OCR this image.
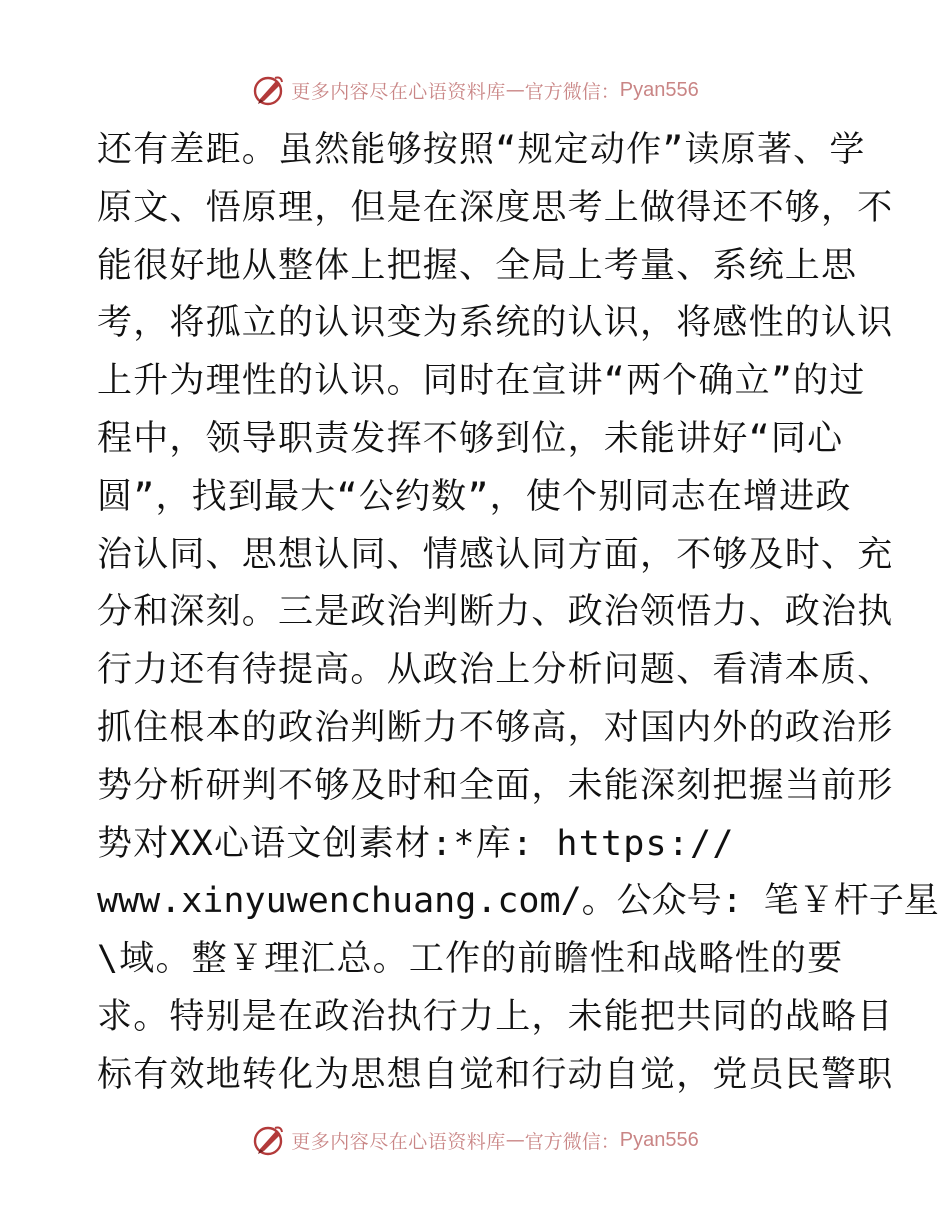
更多内容尽在心语资料库 — 官方微信： Pyan556
还有差距。虽然能够按照“规定动作”读原著、学
原文、悟原理，但是在深度思考上做得还不够，不
能很好地从整体上把握、全局上考量、系统上思
考，将孤立的认识变为系统的认识，将感性的认识
上升为理性的认识。同时在宣讲“两个确立”的过
程中，领导职责发挥不够到位，未能讲好“同心
圆”，找到最大“公约数”，使个别同志在增进政
治认同、思想认同、情感认同方面，不够及时、充
分和深刻。三是政治判断力、政治领悟力、政治执
行力还有待提高。从政治上分析问题、看清本质、
抓住根本的政治判断力不够高，对国内外的政治形
势分析研判不够及时和全面，未能深刻把握当前形
势对XX心语文创素材:*库: https://
www.xinyuwenchuang.com/。公众号: 笔￥杆子星
\域。整￥理汇总。工作的前瞻性和战略性的要
求。特别是在政治执行力上，未能把共同的战略目
标有效地转化为思想自觉和行动自觉，党员民警职
更多内容尽在心语资料库 — 官方微信： Pyan556
